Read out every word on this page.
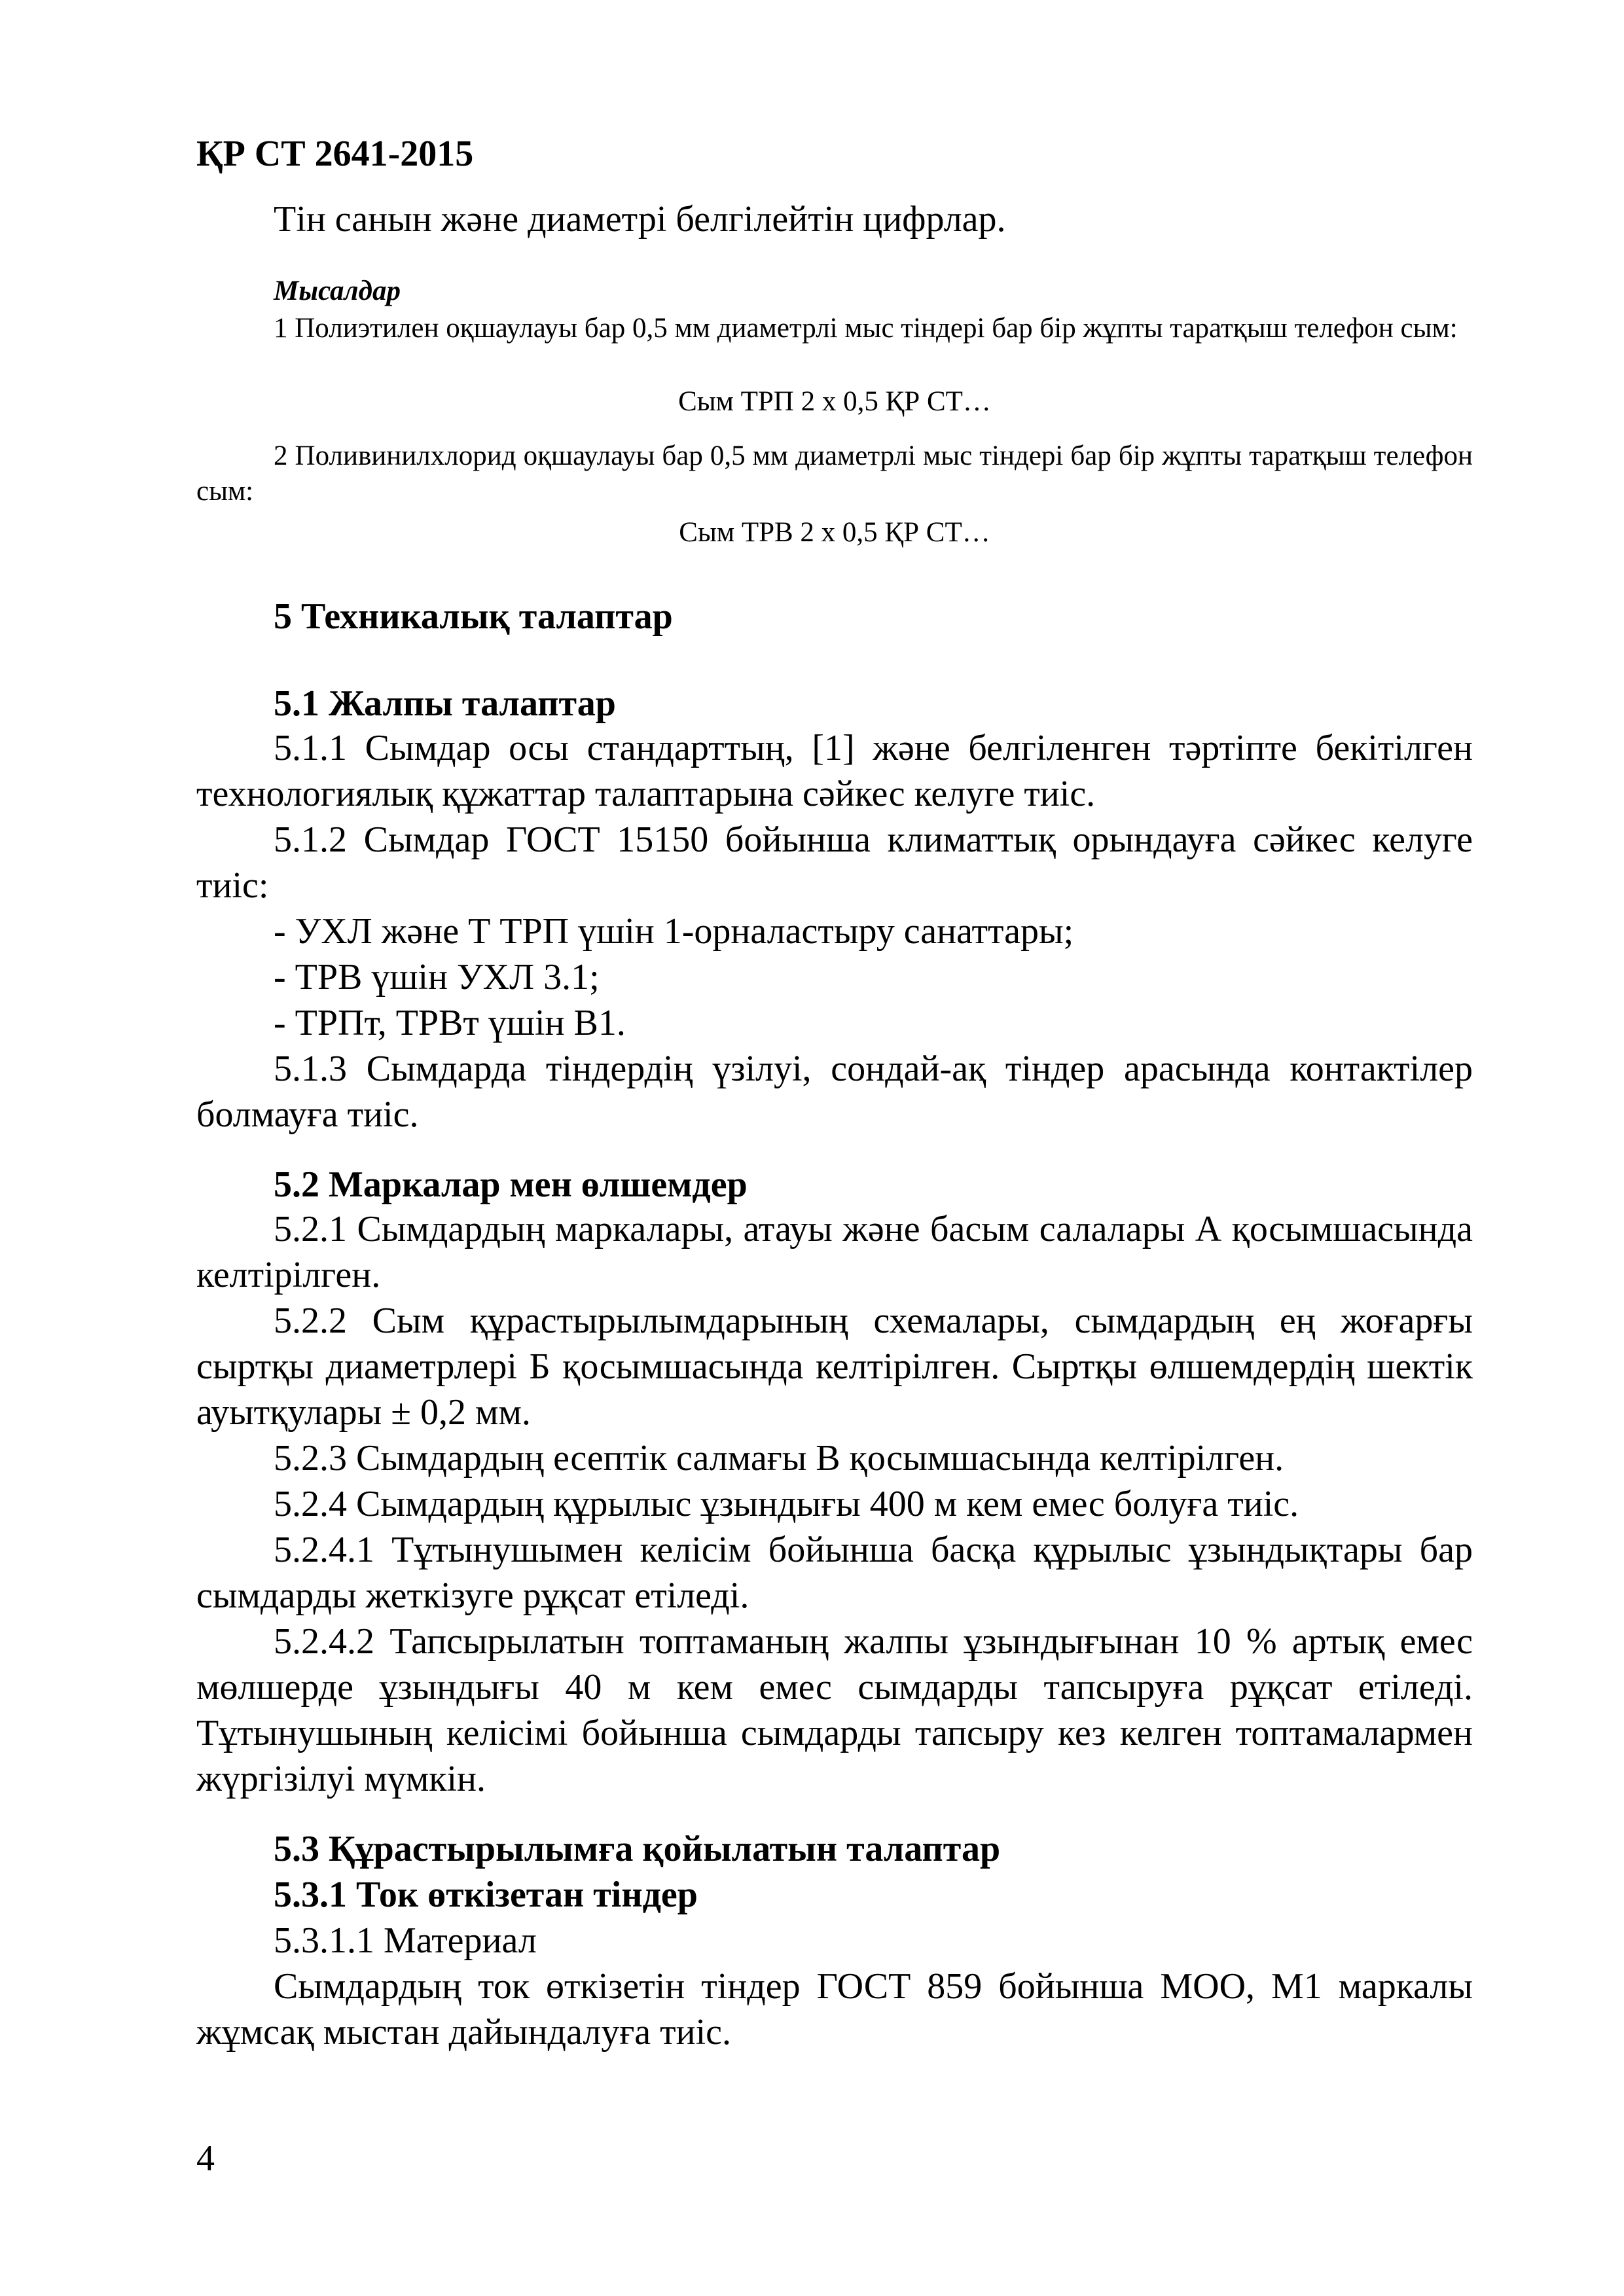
ҚР СТ 2641-2015

Тін санын және диаметрі белгілейтін цифрлар.

Мысалдар

1 Полиэтилен оқшаулауы бар 0,5 мм диаметрлі мыс тіндері бар бір жұпты таратқыш телефон сым:

Сым ТРП 2 х 0,5 ҚР СТ…

2 Поливинилхлорид оқшаулауы бар 0,5 мм диаметрлі мыс тіндері бар бір жұпты таратқыш телефон сым:

Сым ТРВ 2 х 0,5 ҚР СТ…

5 Техникалық талаптар

5.1 Жалпы талаптар

5.1.1 Сымдар осы стандарттың, [1] және белгіленген тәртіпте бекітілген технологиялық құжаттар талаптарына сәйкес келуге тиіс.

5.1.2 Сымдар ГОСТ 15150 бойынша климаттық орындауға сәйкес келуге тиіс:

- УХЛ және Т ТРП үшін 1-орналастыру санаттары;

- ТРВ үшін УХЛ 3.1;

- ТРПт, ТРВт үшін В1.

5.1.3 Сымдарда тіндердің үзілуі, сондай-ақ тіндер арасында контактілер болмауға тиіс.

5.2 Маркалар мен өлшемдер

5.2.1 Сымдардың маркалары, атауы және басым салалары А қосымшасында келтірілген.

5.2.2 Сым құрастырылымдарының схемалары, сымдардың ең жоғарғы сыртқы диаметрлері Б қосымшасында келтірілген. Сыртқы өлшемдердің шектік ауытқулары ± 0,2 мм.

5.2.3 Сымдардың есептік салмағы В қосымшасында келтірілген.

5.2.4 Сымдардың құрылыс ұзындығы 400 м кем емес болуға тиіс.

5.2.4.1 Тұтынушымен келісім бойынша басқа құрылыс ұзындықтары бар сымдарды жеткізуге рұқсат етіледі.

5.2.4.2 Тапсырылатын топтаманың жалпы ұзындығынан 10 % артық емес мөлшерде ұзындығы 40 м кем емес сымдарды тапсыруға рұқсат етіледі. Тұтынушының келісімі бойынша сымдарды тапсыру кез келген топтамалармен жүргізілуі мүмкін.

5.3 Құрастырылымға қойылатын талаптар

5.3.1 Ток өткізетан тіндер

5.3.1.1 Материал

Сымдардың ток өткізетін тіндер ГОСТ 859 бойынша МОО, М1 маркалы жұмсақ мыстан дайындалуға тиіс.

4
